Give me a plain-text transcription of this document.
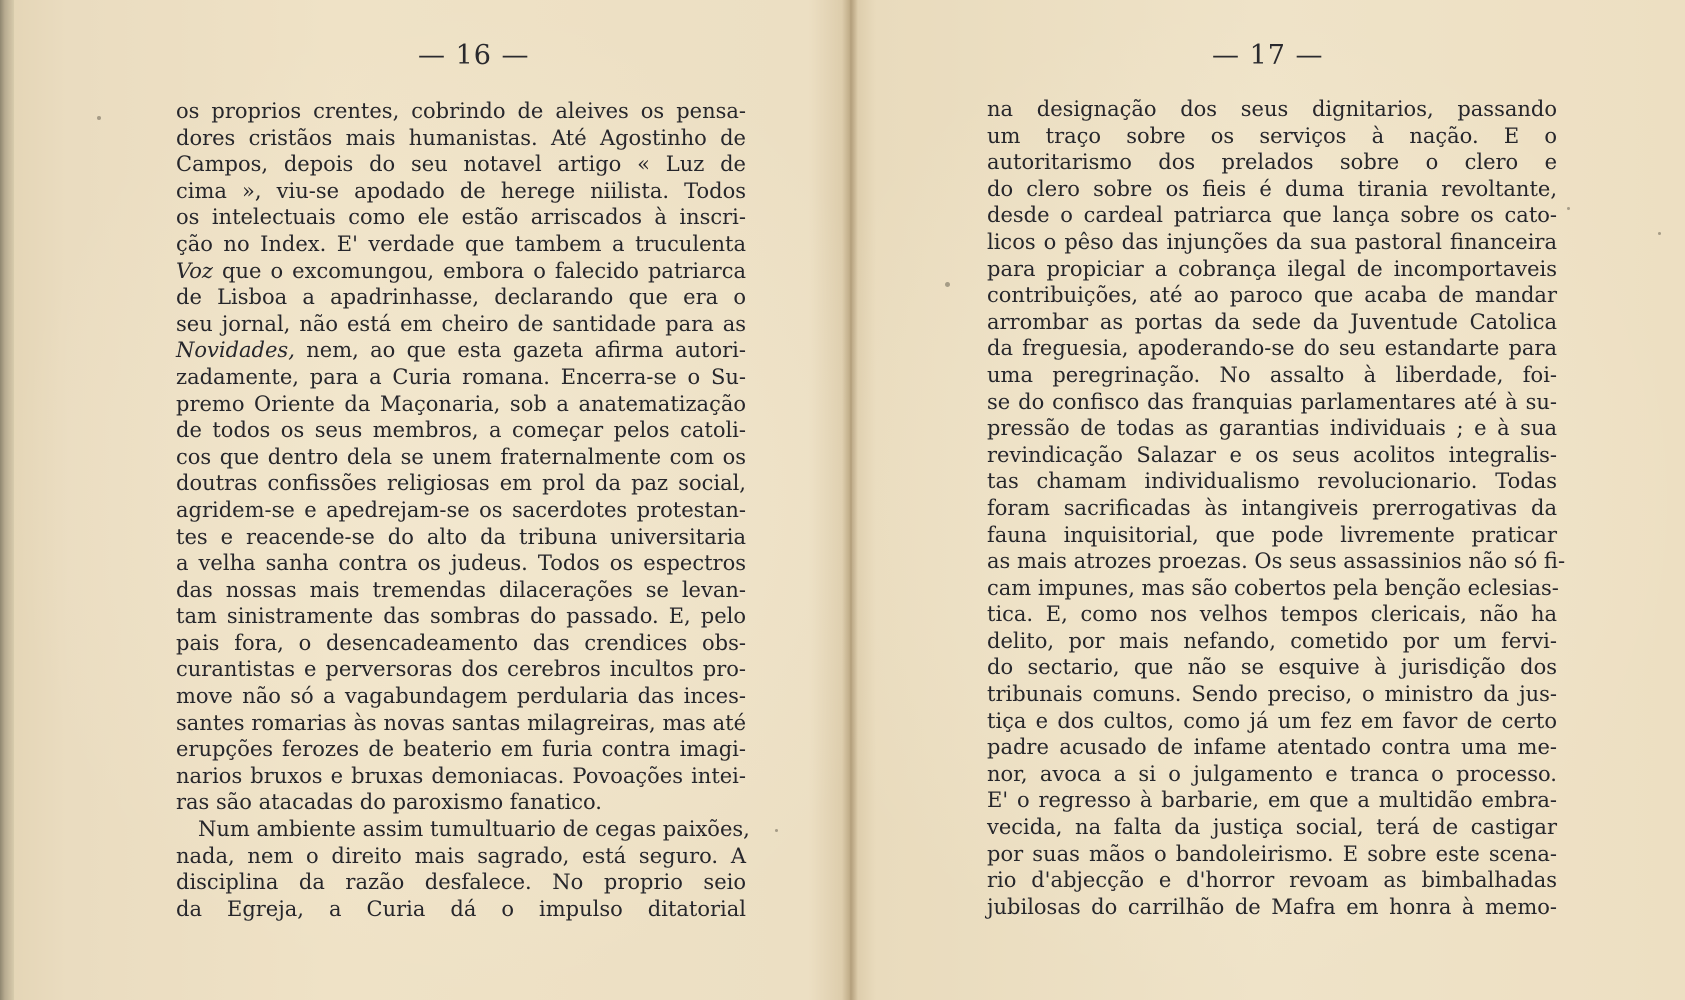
— 16 —
os proprios crentes, cobrindo de aleives os pensa-
dores cristãos mais humanistas. Até Agostinho de
Campos, depois do seu notavel artigo « Luz de
cima », viu-se apodado de herege niilista. Todos
os intelectuais como ele estão arriscados à inscri-
ção no Index. E' verdade que tambem a truculenta
Voz que o excomungou, embora o falecido patriarca
de Lisboa a apadrinhasse, declarando que era o
seu jornal, não está em cheiro de santidade para as
Novidades, nem, ao que esta gazeta afirma autori-
zadamente, para a Curia romana. Encerra-se o Su-
premo Oriente da Maçonaria, sob a anatematização
de todos os seus membros, a começar pelos catoli-
cos que dentro dela se unem fraternalmente com os
doutras confissões religiosas em prol da paz social,
agridem-se e apedrejam-se os sacerdotes protestan-
tes e reacende-se do alto da tribuna universitaria
a velha sanha contra os judeus. Todos os espectros
das nossas mais tremendas dilacerações se levan-
tam sinistramente das sombras do passado. E, pelo
pais fora, o desencadeamento das crendices obs-
curantistas e perversoras dos cerebros incultos pro-
move não só a vagabundagem perdularia das inces-
santes romarias às novas santas milagreiras, mas até
erupções ferozes de beaterio em furia contra imagi-
narios bruxos e bruxas demoniacas. Povoações intei-
ras são atacadas do paroxismo fanatico.
Num ambiente assim tumultuario de cegas paixões,
nada, nem o direito mais sagrado, está seguro. A
disciplina da razão desfalece. No proprio seio
da Egreja, a Curia dá o impulso ditatorial
— 17 —
na designação dos seus dignitarios, passando
um traço sobre os serviços à nação. E o
autoritarismo dos prelados sobre o clero e
do clero sobre os fieis é duma tirania revoltante,
desde o cardeal patriarca que lança sobre os cato-
licos o pêso das injunções da sua pastoral financeira
para propiciar a cobrança ilegal de incomportaveis
contribuições, até ao paroco que acaba de mandar
arrombar as portas da sede da Juventude Catolica
da freguesia, apoderando-se do seu estandarte para
uma peregrinação. No assalto à liberdade, foi-
se do confisco das franquias parlamentares até à su-
pressão de todas as garantias individuais ; e à sua
revindicação Salazar e os seus acolitos integralis-
tas chamam individualismo revolucionario. Todas
foram sacrificadas às intangiveis prerrogativas da
fauna inquisitorial, que pode livremente praticar
as mais atrozes proezas. Os seus assassinios não só fi-
cam impunes, mas são cobertos pela benção eclesias-
tica. E, como nos velhos tempos clericais, não ha
delito, por mais nefando, cometido por um fervi-
do sectario, que não se esquive à jurisdição dos
tribunais comuns. Sendo preciso, o ministro da jus-
tiça e dos cultos, como já um fez em favor de certo
padre acusado de infame atentado contra uma me-
nor, avoca a si o julgamento e tranca o processo.
E' o regresso à barbarie, em que a multidão embra-
vecida, na falta da justiça social, terá de castigar
por suas mãos o bandoleirismo. E sobre este scena-
rio d'abjecção e d'horror revoam as bimbalhadas
jubilosas do carrilhão de Mafra em honra à memo-
